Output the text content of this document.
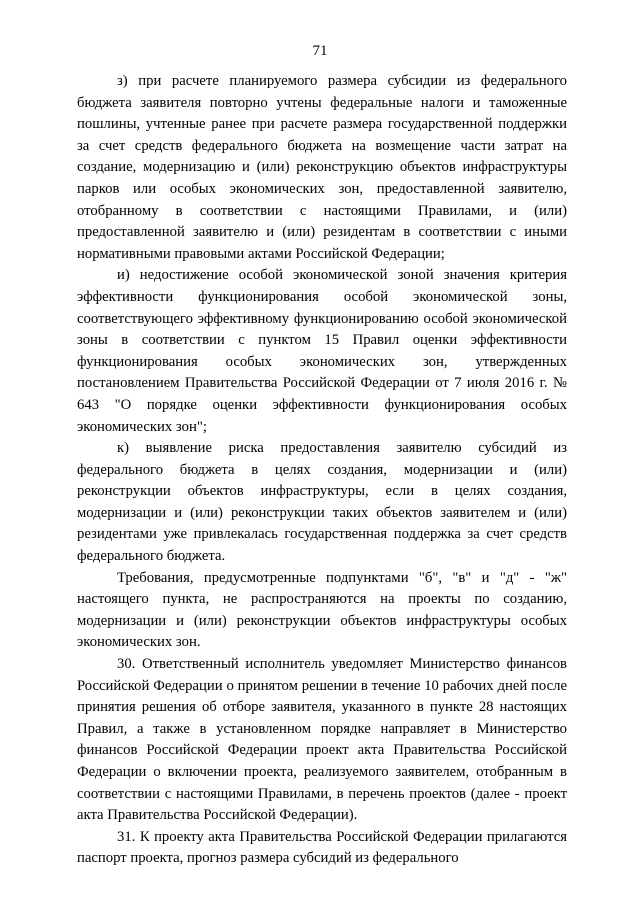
71

з) при расчете планируемого размера субсидии из федерального бюджета заявителя повторно учтены федеральные налоги и таможенные пошлины, учтенные ранее при расчете размера государственной поддержки за счет средств федерального бюджета на возмещение части затрат на создание, модернизацию и (или) реконструкцию объектов инфраструктуры парков или особых экономических зон, предоставленной заявителю, отобранному в соответствии с настоящими Правилами, и (или) предоставленной заявителю и (или) резидентам в соответствии с иными нормативными правовыми актами Российской Федерации;

и) недостижение особой экономической зоной значения критерия эффективности функционирования особой экономической зоны, соответствующего эффективному функционированию особой экономической зоны в соответствии с пунктом 15 Правил оценки эффективности функционирования особых экономических зон, утвержденных постановлением Правительства Российской Федерации от 7 июля 2016 г. № 643 "О порядке оценки эффективности функционирования особых экономических зон";

к) выявление риска предоставления заявителю субсидий из федерального бюджета в целях создания, модернизации и (или) реконструкции объектов инфраструктуры, если в целях создания, модернизации и (или) реконструкции таких объектов заявителем и (или) резидентами уже привлекалась государственная поддержка за счет средств федерального бюджета.

Требования, предусмотренные подпунктами "б", "в" и "д" - "ж" настоящего пункта, не распространяются на проекты по созданию, модернизации и (или) реконструкции объектов инфраструктуры особых экономических зон.

30. Ответственный исполнитель уведомляет Министерство финансов Российской Федерации о принятом решении в течение 10 рабочих дней после принятия решения об отборе заявителя, указанного в пункте 28 настоящих Правил, а также в установленном порядке направляет в Министерство финансов Российской Федерации проект акта Правительства Российской Федерации о включении проекта, реализуемого заявителем, отобранным в соответствии с настоящими Правилами, в перечень проектов (далее - проект акта Правительства Российской Федерации).

31. К проекту акта Правительства Российской Федерации прилагаются паспорт проекта, прогноз размера субсидий из федерального
